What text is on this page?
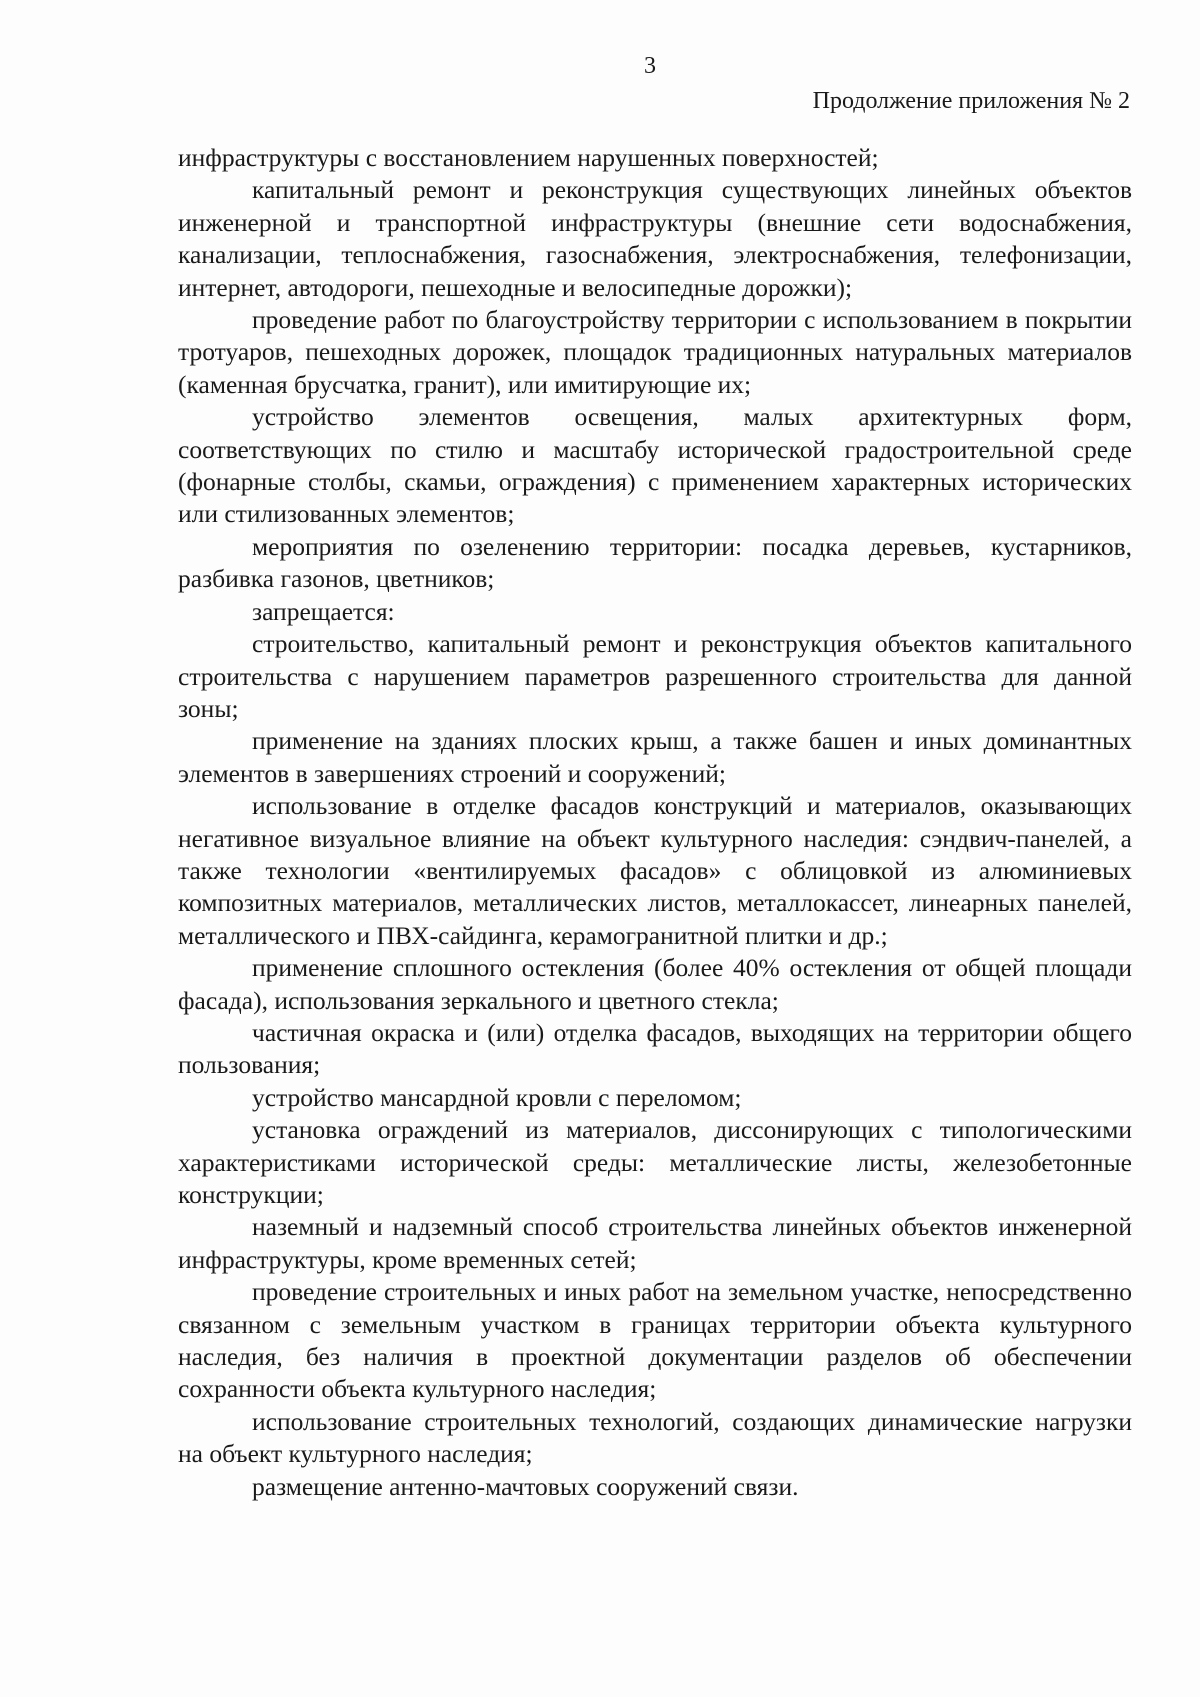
3
Продолжение приложения № 2

инфраструктуры с восстановлением нарушенных поверхностей;

капитальный ремонт и реконструкция существующих линейных объектов инженерной и транспортной инфраструктуры (внешние сети водоснабжения, канализации, теплоснабжения, газоснабжения, электроснабжения, телефонизации, интернет, автодороги, пешеходные и велосипедные дорожки);

проведение работ по благоустройству территории с использованием в покрытии тротуаров, пешеходных дорожек, площадок традиционных натуральных материалов (каменная брусчатка, гранит), или имитирующие их;

устройство элементов освещения, малых архитектурных форм, соответствующих по стилю и масштабу исторической градостроительной среде (фонарные столбы, скамьи, ограждения) с применением характерных исторических или стилизованных элементов;

мероприятия по озеленению территории: посадка деревьев, кустарников, разбивка газонов, цветников;

запрещается:

строительство, капитальный ремонт и реконструкция объектов капитального строительства с нарушением параметров разрешенного строительства для данной зоны;

применение на зданиях плоских крыш, а также башен и иных доминантных элементов в завершениях строений и сооружений;

использование в отделке фасадов конструкций и материалов, оказывающих негативное визуальное влияние на объект культурного наследия: сэндвич-панелей, а также технологии «вентилируемых фасадов» с облицовкой из алюминиевых композитных материалов, металлических листов, металлокассет, линеарных панелей, металлического и ПВХ-сайдинга, керамогранитной плитки и др.;

применение сплошного остекления (более 40% остекления от общей площади фасада), использования зеркального и цветного стекла;

частичная окраска и (или) отделка фасадов, выходящих на территории общего пользования;

устройство мансардной кровли с переломом;

установка ограждений из материалов, диссонирующих с типологическими характеристиками исторической среды: металлические листы, железобетонные конструкции;

наземный и надземный способ строительства линейных объектов инженерной инфраструктуры, кроме временных сетей;

проведение строительных и иных работ на земельном участке, непосредственно связанном с земельным участком в границах территории объекта культурного наследия, без наличия в проектной документации разделов об обеспечении сохранности объекта культурного наследия;

использование строительных технологий, создающих динамические нагрузки на объект культурного наследия;

размещение антенно-мачтовых сооружений связи.
